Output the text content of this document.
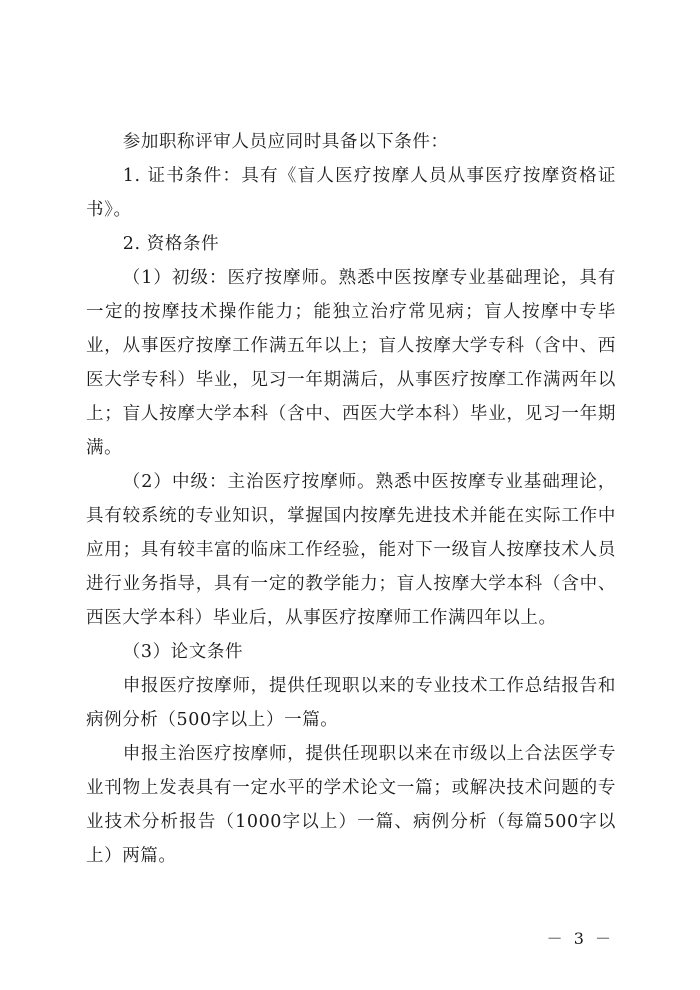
参加职称评审人员应同时具备以下条件：

1. 证书条件：具有《盲人医疗按摩人员从事医疗按摩资格证书》。

2. 资格条件

（1）初级：医疗按摩师。熟悉中医按摩专业基础理论，具有一定的按摩技术操作能力；能独立治疗常见病；盲人按摩中专毕业，从事医疗按摩工作满五年以上；盲人按摩大学专科（含中、西医大学专科）毕业，见习一年期满后，从事医疗按摩工作满两年以上；盲人按摩大学本科（含中、西医大学本科）毕业，见习一年期满。

（2）中级：主治医疗按摩师。熟悉中医按摩专业基础理论，具有较系统的专业知识，掌握国内按摩先进技术并能在实际工作中应用；具有较丰富的临床工作经验，能对下一级盲人按摩技术人员进行业务指导，具有一定的教学能力；盲人按摩大学本科（含中、西医大学本科）毕业后，从事医疗按摩师工作满四年以上。

（3）论文条件

申报医疗按摩师，提供任现职以来的专业技术工作总结报告和病例分析（500字以上）一篇。

申报主治医疗按摩师，提供任现职以来在市级以上合法医学专业刊物上发表具有一定水平的学术论文一篇；或解决技术问题的专业技术分析报告（1000字以上）一篇、病例分析（每篇500字以上）两篇。

－ 3 －
